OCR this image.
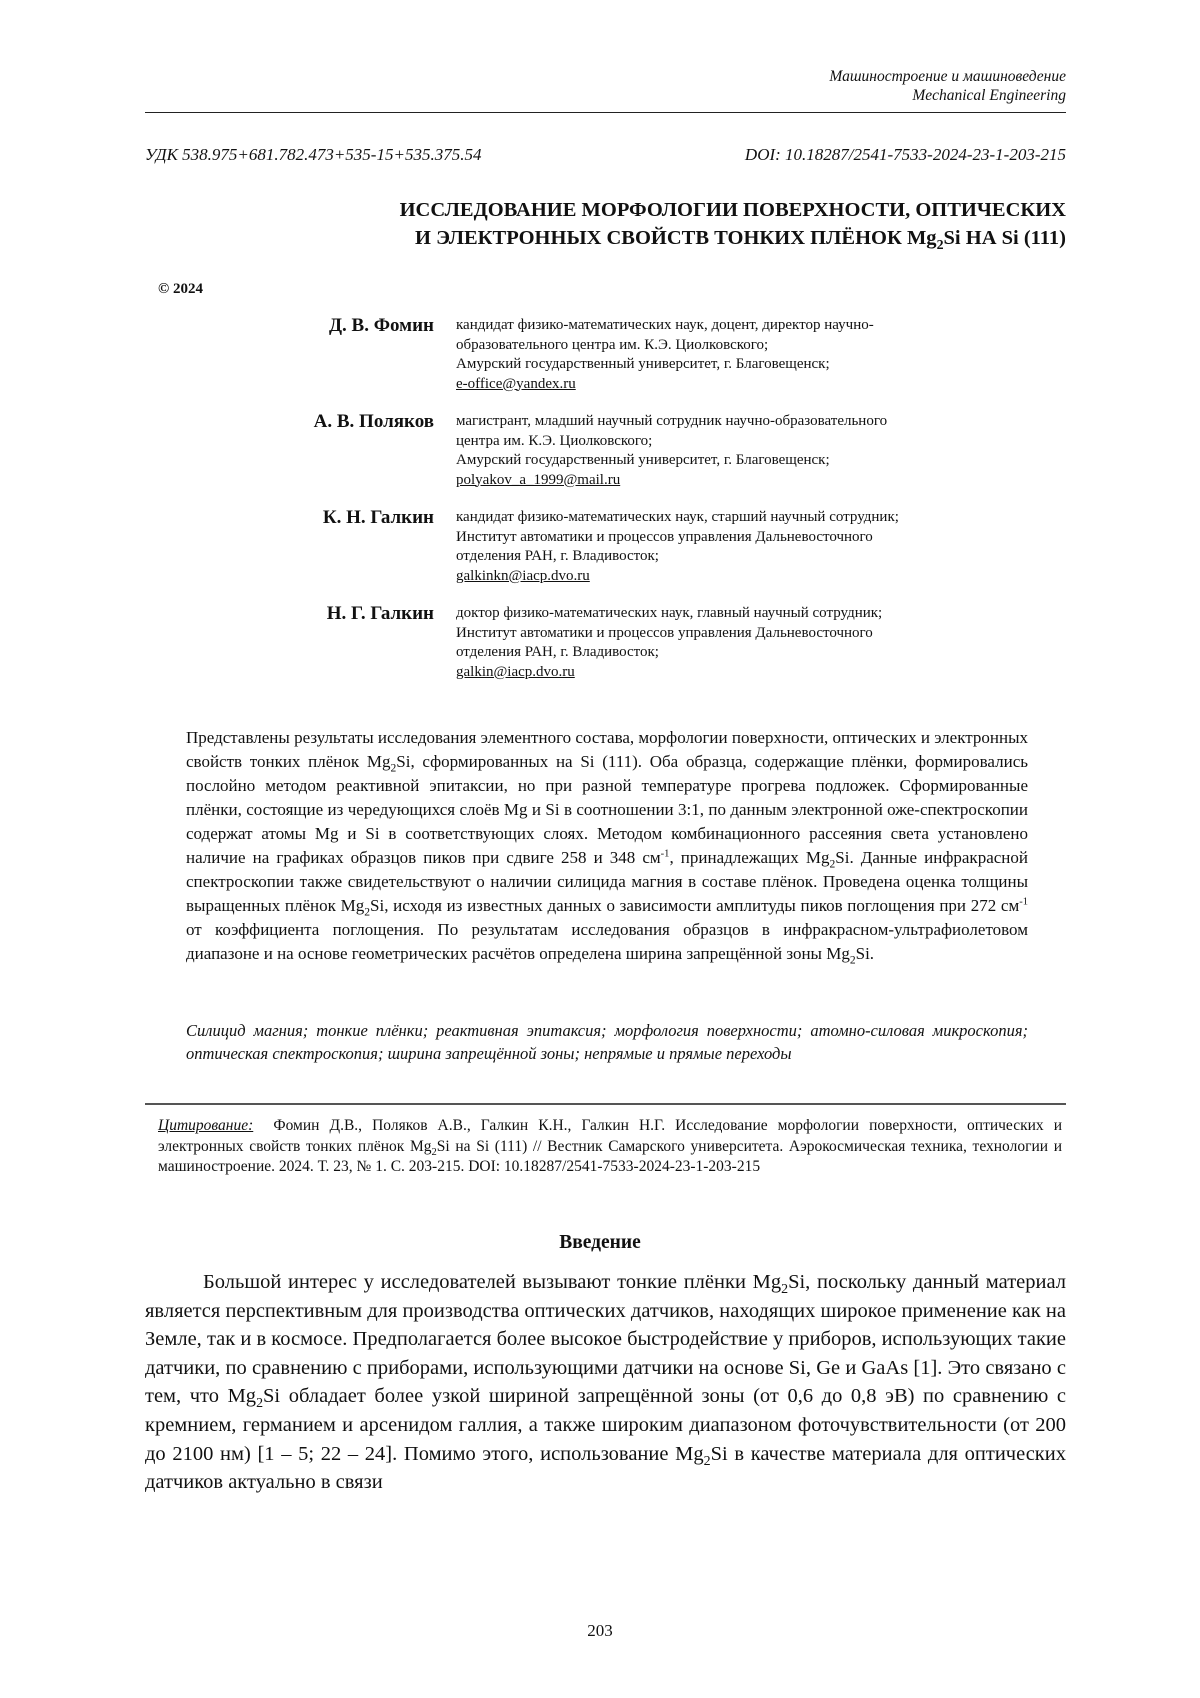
Машиностроение и машиноведение
Mechanical Engineering
УДК 538.975+681.782.473+535-15+535.375.54	DOI: 10.18287/2541-7533-2024-23-1-203-215
ИССЛЕДОВАНИЕ МОРФОЛОГИИ ПОВЕРХНОСТИ, ОПТИЧЕСКИХ
И ЭЛЕКТРОННЫХ СВОЙСТВ ТОНКИХ ПЛЁНОК $Mg_2Si$ НА Si (111)
© 2024
Д. В. Фомин кандидат физико-математических наук, доцент, директор научно-
образовательного центра им. К.Э. Циолковского;
Амурский государственный университет, г. Благовещенск;
e-office@yandex.ru
А. В. Поляков магистрант, младший научный сотрудник научно-образовательного
центра им. К.Э. Циолковского;
Амурский государственный университет, г. Благовещенск;
polyakov_a_1999@mail.ru
К. Н. Галкин кандидат физико-математических наук, старший научный сотрудник;
Институт автоматики и процессов управления Дальневосточного
отделения РАН, г. Владивосток;
galkinkn@iacp.dvo.ru
Н. Г. Галкин доктор физико-математических наук, главный научный сотрудник;
Институт автоматики и процессов управления Дальневосточного
отделения РАН, г. Владивосток;
galkin@iacp.dvo.ru
Представлены результаты исследования элементного состава, морфологии поверхности, оптических и электронных свойств тонких плёнок $Mg_2Si$, сформированных на Si (111). Оба образца, содержащие плёнки, формировались послойно методом реактивной эпитаксии, но при разной температуре прогрева подложек. Сформированные плёнки, состоящие из чередующихся слоёв Mg и Si в соотношении 3:1, по данным электронной оже-спектроскопии содержат атомы Mg и Si в соответствующих слоях. Методом комбинационного рассеяния света установлено наличие на графиках образцов пиков при сдвиге 258 и 348 $см^{-1}$, принадлежащих $Mg_2Si$. Данные инфракрасной спектроскопии также свидетельствуют о наличии силицида магния в составе плёнок. Проведена оценка толщины выращенных плёнок $Mg_2Si$, исходя из известных данных о зависимости амплитуды пиков поглощения при 272 $см^{-1}$ от коэффициента поглощения. По результатам исследования образцов в инфракрасном-ультрафиолетовом диапазоне и на основе геометрических расчётов определена ширина запрещённой зоны $Mg_2Si$.
Силицид магния; тонкие плёнки; реактивная эпитаксия; морфология поверхности; атомно-силовая микроскопия; оптическая спектроскопия; ширина запрещённой зоны; непрямые и прямые переходы
Цитирование: Фомин Д.В., Поляков А.В., Галкин К.Н., Галкин Н.Г. Исследование морфологии поверхности, оптических и электронных свойств тонких плёнок $Mg_2Si$ на Si (111) // Вестник Самарского университета. Аэрокосмическая техника, технологии и машиностроение. 2024. Т. 23, № 1. С. 203-215. DOI: 10.18287/2541-7533-2024-23-1-203-215
Введение
Большой интерес у исследователей вызывают тонкие плёнки $Mg_2Si$, поскольку данный материал является перспективным для производства оптических датчиков, находящих широкое применение как на Земле, так и в космосе. Предполагается более высокое быстродействие у приборов, использующих такие датчики, по сравнению с приборами, использующими датчики на основе Si, Ge и GaAs [1]. Это связано с тем, что $Mg_2Si$ обладает более узкой шириной запрещённой зоны (от 0,6 до 0,8 эВ) по сравнению с кремнием, германием и арсенидом галлия, а также широким диапазоном фоточувствительности (от 200 до 2100 нм) [1 – 5; 22 – 24]. Помимо этого, использование $Mg_2Si$ в качестве материала для оптических датчиков актуально в связи
203
